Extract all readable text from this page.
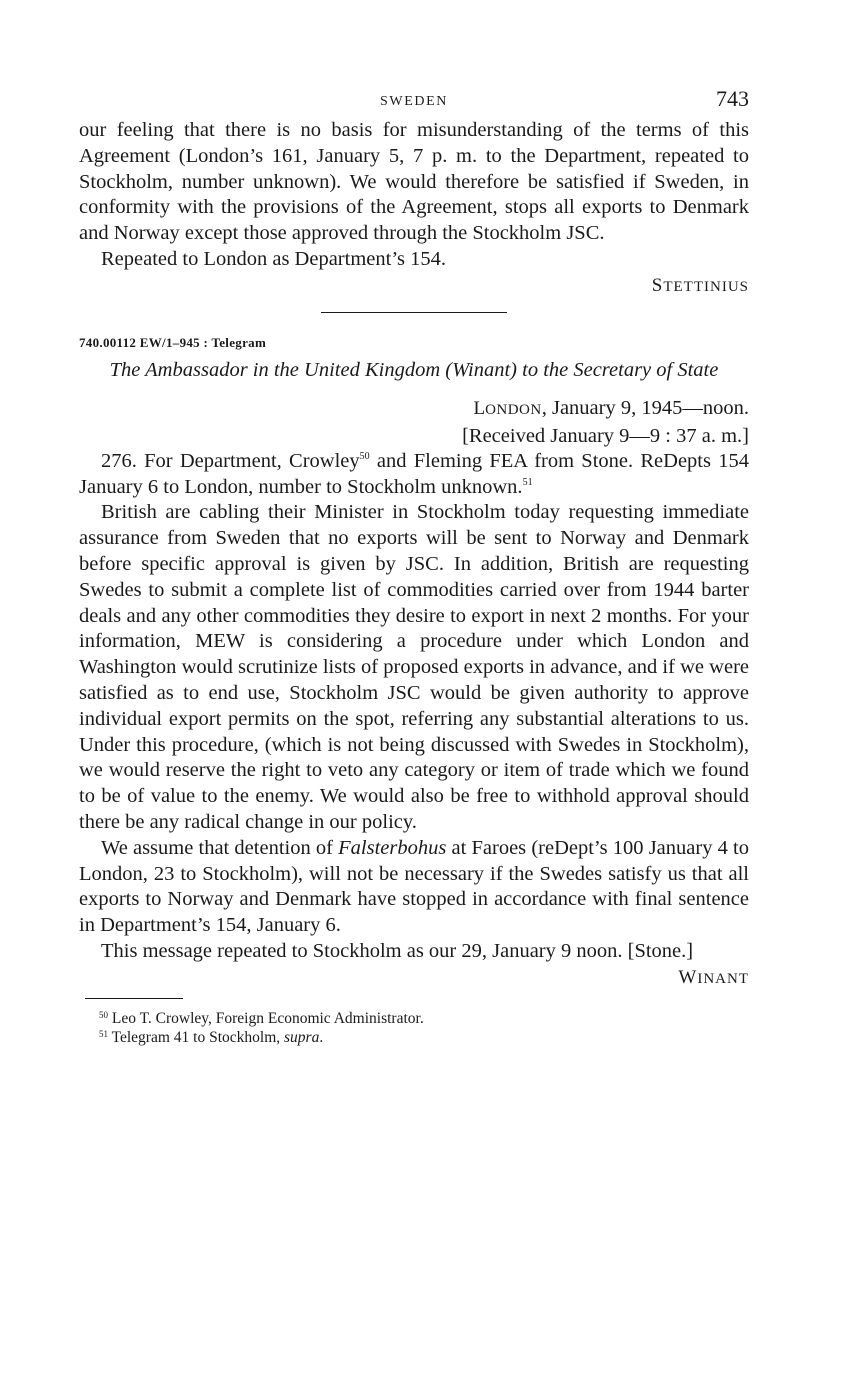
SWEDEN	743

our feeling that there is no basis for misunderstanding of the terms of this Agreement (London’s 161, January 5, 7 p. m. to the Department, repeated to Stockholm, number unknown). We would therefore be satisfied if Sweden, in conformity with the provisions of the Agreement, stops all exports to Denmark and Norway except those approved through the Stockholm JSC.

Repeated to London as Department’s 154.

STETTINIUS
740.00112 EW/1–945 : Telegram
The Ambassador in the United Kingdom (Winant) to the Secretary of State
LONDON, January 9, 1945—noon.
[Received January 9—9 : 37 a. m.]

276. For Department, Crowley$^{50}$ and Fleming FEA from Stone. ReDepts 154 January 6 to London, number to Stockholm unknown.$^{51}$

British are cabling their Minister in Stockholm today requesting immediate assurance from Sweden that no exports will be sent to Norway and Denmark before specific approval is given by JSC. In addition, British are requesting Swedes to submit a complete list of commodities carried over from 1944 barter deals and any other commodities they desire to export in next 2 months. For your information, MEW is considering a procedure under which London and Washington would scrutinize lists of proposed exports in advance, and if we were satisfied as to end use, Stockholm JSC would be given authority to approve individual export permits on the spot, referring any substantial alterations to us. Under this procedure, (which is not being discussed with Swedes in Stockholm), we would reserve the right to veto any category or item of trade which we found to be of value to the enemy. We would also be free to withhold approval should there be any radical change in our policy.

We assume that detention of Falsterbohus at Faroes (reDept’s 100 January 4 to London, 23 to Stockholm), will not be necessary if the Swedes satisfy us that all exports to Norway and Denmark have stopped in accordance with final sentence in Department’s 154, January 6.

This message repeated to Stockholm as our 29, January 9 noon. [Stone.]

WINANT
$^{50}$ Leo T. Crowley, Foreign Economic Administrator.
$^{51}$ Telegram 41 to Stockholm, supra.
